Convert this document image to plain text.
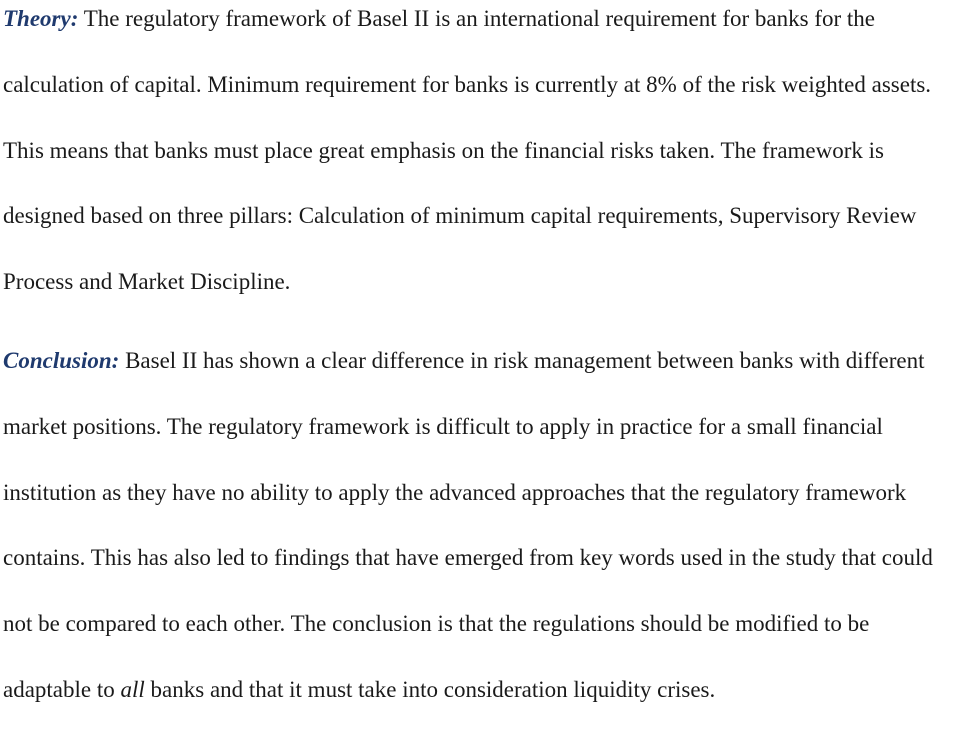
Theory: The regulatory framework of Basel II is an international requirement for banks for the calculation of capital. Minimum requirement for banks is currently at 8% of the risk weighted assets. This means that banks must place great emphasis on the financial risks taken. The framework is designed based on three pillars: Calculation of minimum capital requirements, Supervisory Review Process and Market Discipline.

Conclusion: Basel II has shown a clear difference in risk management between banks with different market positions. The regulatory framework is difficult to apply in practice for a small financial institution as they have no ability to apply the advanced approaches that the regulatory framework contains. This has also led to findings that have emerged from key words used in the study that could not be compared to each other. The conclusion is that the regulations should be modified to be adaptable to all banks and that it must take into consideration liquidity crises.
